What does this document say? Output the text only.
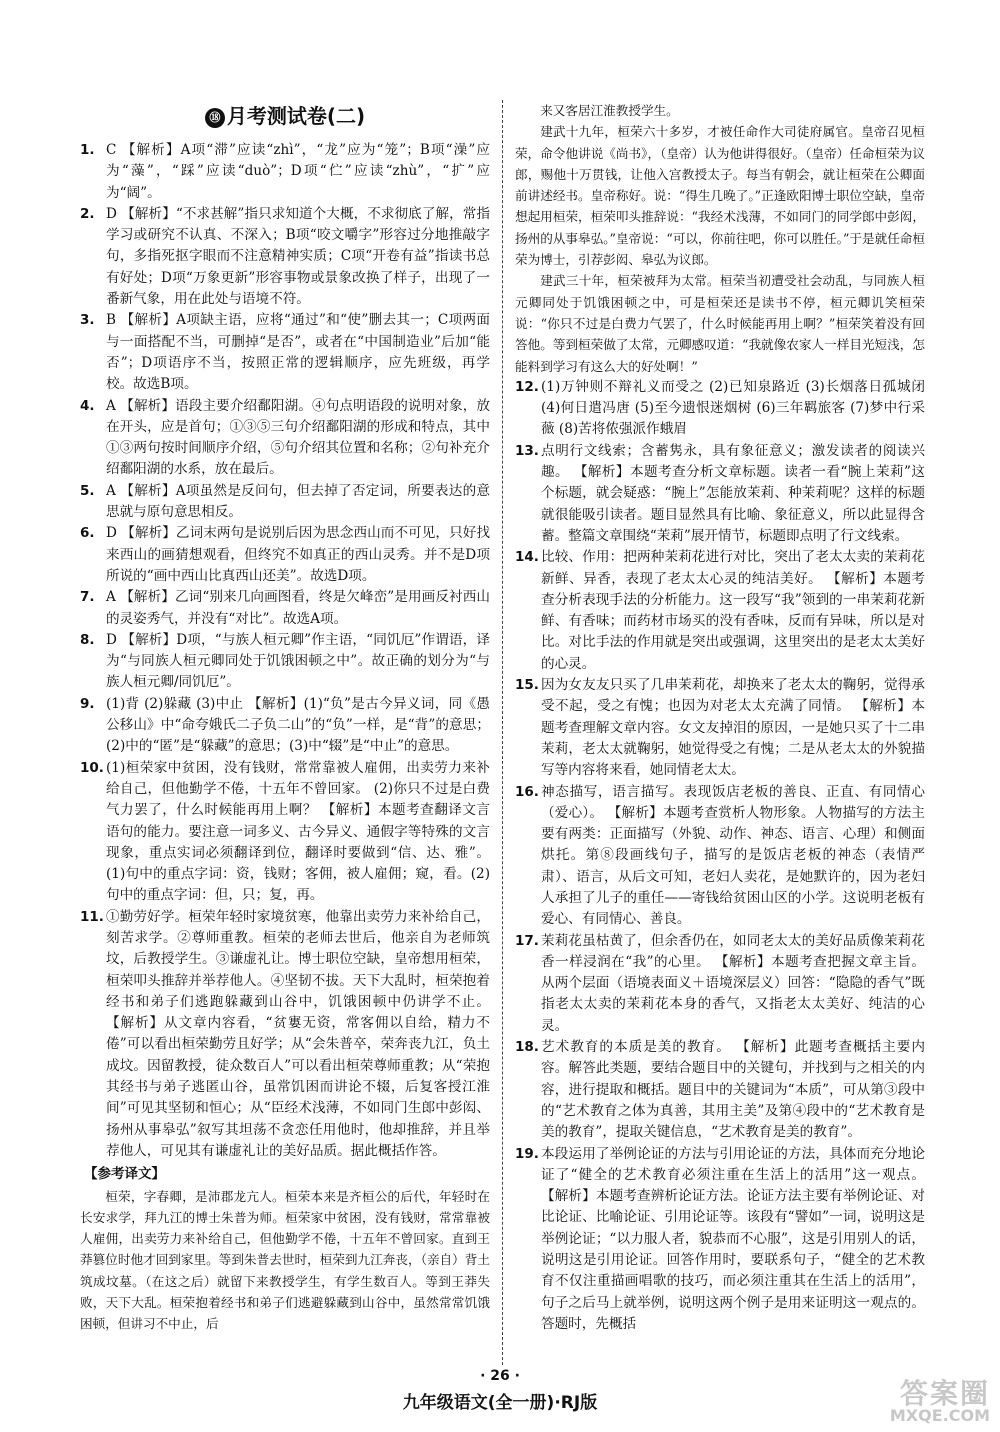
⑱ 月考测试卷(二)
1. C 【解析】A项“滞”应读“zhì”，“龙”应为“笼”；B项“澡”应为“藻”，“踩”应读“duò”；D项“伫”应读“zhù”，“扩”应为“阔”。
2. D 【解析】“不求甚解”指只求知道个大概，不求彻底了解，常指学习或研究不认真、不深入；B项“咬文嚼字”形容过分地推敲字句，多指死抠字眼而不注意精神实质；C项“开卷有益”指读书总有好处；D项“万象更新”形容事物或景象改换了样子，出现了一番新气象，用在此处与语境不符。
3. B 【解析】A项缺主语，应将“通过”和“使”删去其一；C项两面与一面搭配不当，可删掉“是否”，或者在“中国制造业”后加“能否”；D项语序不当，按照正常的逻辑顺序，应先班级，再学校。故选B项。
4. A 【解析】语段主要介绍鄱阳湖。④句点明语段的说明对象，放在开头，应是首句；①③⑤三句介绍鄱阳湖的形成和特点，其中①③两句按时间顺序介绍，⑤句介绍其位置和名称；②句补充介绍鄱阳湖的水系，放在最后。
5. A 【解析】A项虽然是反问句，但去掉了否定词，所要表达的意思就与原句意思相反。
6. D 【解析】乙词末两句是说别后因为思念西山而不可见，只好找来西山的画猜想观看，但终究不如真正的西山灵秀。并不是D项所说的“画中西山比真西山还美”。故选D项。
7. A 【解析】乙词“别来几向画图看，终是欠峰峦”是用画反衬西山的灵姿秀气，并没有“对比”。故选A项。
8. D 【解析】D项，“与族人桓元卿”作主语，“同饥厄”作谓语，译为“与同族人桓元卿同处于饥饿困顿之中”。故正确的划分为“与族人桓元卿/同饥厄”。
9. (1)背 (2)躲藏 (3)中止 【解析】(1)“负”是古今异义词，同《愚公移山》中“命夸娥氏二子负二山”的“负”一样，是“背”的意思；(2)中的“匿”是“躲藏”的意思；(3)中“辍”是“中止”的意思。
10. (1)桓荣家中贫困，没有钱财，常常靠被人雇佣，出卖劳力来补给自己，但他勤学不倦，十五年不曾回家。 (2)你只不过是白费气力罢了，什么时候能再用上啊？ 【解析】本题考查翻译文言语句的能力。要注意一词多义、古今异义、通假字等特殊的文言现象，重点实词必须翻译到位，翻译时要做到“信、达、雅”。(1)句中的重点字词：资，钱财；客佣，被人雇佣；窥，看。(2)句中的重点字词：但，只；复，再。
11. ①勤劳好学。桓荣年轻时家境贫寒，他靠出卖劳力来补给自己，刻苦求学。②尊师重教。桓荣的老师去世后，他亲自为老师筑坟，后教授学生。③谦虚礼让。博士职位空缺，皇帝想用桓荣，桓荣叩头推辞并举荐他人。④坚韧不拔。天下大乱时，桓荣抱着经书和弟子们逃跑躲藏到山谷中，饥饿困顿中仍讲学不止。 【解析】从文章内容看，“贫寠无资，常客佣以自给，精力不倦”可以看出桓荣勤劳且好学；从“会朱普卒，荣奔丧九江，负土成坟。因留教授，徒众数百人”可以看出桓荣尊师重教；从“荣抱其经书与弟子逃匿山谷，虽常饥困而讲论不辍，后复客授江淮间”可见其坚韧和恒心；从“臣经术浅薄，不如同门生郎中彭闳、扬州从事皋弘”叙写其坦荡不贪恋任用他时，他却推辞，并且举荐他人，可见其有谦虚礼让的美好品质。据此概括作答。
【参考译文】

桓荣，字春卿，是沛郡龙亢人。桓荣本来是齐桓公的后代，年轻时在长安求学，拜九江的博士朱普为师。桓荣家中贫困，没有钱财，常常靠被人雇佣，出卖劳力来补给自己，但他勤学不倦，十五年不曾回家。直到王莽篡位时他才回到家里。等到朱普去世时，桓荣到九江奔丧，（亲自）背土筑成坟墓。（在这之后）就留下来教授学生，有学生数百人。等到王莽失败，天下大乱。桓荣抱着经书和弟子们逃避躲藏到山谷中，虽然常常饥饿困顿，但讲习不中止，后

来又客居江淮教授学生。

建武十九年，桓荣六十多岁，才被任命作大司徒府属官。皇帝召见桓荣，命令他讲说《尚书》，（皇帝）认为他讲得很好。（皇帝）任命桓荣为议郎，赐他十万贯钱，让他入宫教授太子。每当有朝会，就让桓荣在公卿面前讲述经书。皇帝称好。说：“得生几晚了。”正逢欧阳博士职位空缺，皇帝想起用桓荣，桓荣叩头推辞说：“我经术浅薄，不如同门的同学郎中彭闳，扬州的从事皋弘。”皇帝说：“可以，你前往吧，你可以胜任。”于是就任命桓荣为博士，引荐彭闳、皋弘为议郎。

建武三十年，桓荣被拜为太常。桓荣当初遭受社会动乱，与同族人桓元卿同处于饥饿困顿之中，可是桓荣还是读书不停，桓元卿讥笑桓荣说：“你只不过是白费力气罢了，什么时候能再用上啊？”桓荣笑着没有回答他。等到桓荣做了太常，元卿感叹道：“我就像农家人一样目光短浅，怎能料到学习有这么大的好处啊！”

12. (1)万钟则不辩礼义而受之 (2)已知泉路近 (3)长烟落日孤城闭 (4)何日遣冯唐 (5)至今遗恨迷烟树 (6)三年羁旅客 (7)梦中行采薇 (8)苦将侬强派作蛾眉
13. 点明行文线索；含蓄隽永，具有象征意义；激发读者的阅读兴趣。 【解析】本题考查分析文章标题。读者一看“腕上茉莉”这个标题，就会疑惑：“腕上”怎能放茉莉、种茉莉呢？这样的标题就很能吸引读者。题目显然具有比喻、象征意义，所以此显得含蓄。整篇文章围绕“茉莉”展开情节，标题即点明了行文线索。
14. 比较、作用：把两种茉莉花进行对比，突出了老太太卖的茉莉花新鲜、异香，表现了老太太心灵的纯洁美好。 【解析】本题考查分析表现手法的分析能力。这一段写“我”领到的一串茉莉花新鲜、有香味；而药材市场买的没有香味，反而有异味，所以是对比。对比手法的作用就是突出或强调，这里突出的是老太太美好的心灵。
15. 因为女友友只买了几串茉莉花，却换来了老太太的鞠躬，觉得承受不起，受之有愧；也因为对老太太充满了同情。 【解析】本题考查理解文章内容。女文友掉泪的原因，一是她只买了十二串茉莉，老太太就鞠躬，她觉得受之有愧；二是从老太太的外貌描写等内容将来看，她同情老太太。
16. 神态描写，语言描写。表现饭店老板的善良、正直、有同情心（爱心）。 【解析】本题考查赏析人物形象。人物描写的方法主要有两类：正面描写（外貌、动作、神态、语言、心理）和侧面烘托。第⑧段画线句子，描写的是饭店老板的神态（表情严肃）、语言，从后文可知，老妇人卖花，是她默许的，因为老妇人承担了儿子的重任——寄钱给贫困山区的小学。这说明老板有爱心、有同情心、善良。
17. 茉莉花虽枯黄了，但余香仍在，如同老太太的美好品质像茉莉花香一样浸润在“我”的心里。 【解析】本题考查把握文章主旨。从两个层面（语境表面义＋语境深层义）回答：“隐隐的香气”既指老太太卖的茉莉花本身的香气，又指老太太美好、纯洁的心灵。
18. 艺术教育的本质是美的教育。 【解析】此题考查概括主要内容。解答此类题，要结合题目中的关键句，并找到与之相关的内容，进行提取和概括。题目中的关键词为“本质”，可从第③段中的“艺术教育之体为真善，其用主美”及第④段中的“艺术教育是美的教育”，提取关键信息，“艺术教育是美的教育”。
19. 本段运用了举例论证的方法与引用论证的方法，具体而充分地论证了“健全的艺术教育必须注重在生活上的活用”这一观点。 【解析】本题考查辨析论证方法。论证方法主要有举例论证、对比论证、比喻论证、引用论证等。该段有“譬如”一词，说明这是举例论证；“以力服人者，貌恭而不心服”，这是引用别人的话，说明这是引用论证。回答作用时，要联系句子，“健全的艺术教育不仅注重描画唱歌的技巧，而必须注重其在生活上的活用”，句子之后马上就举例，说明这两个例子是用来证明这一观点的。答题时，先概括
· 26 ·
九年级语文(全一册)·RJ版	答案圈
MXQE.COM
